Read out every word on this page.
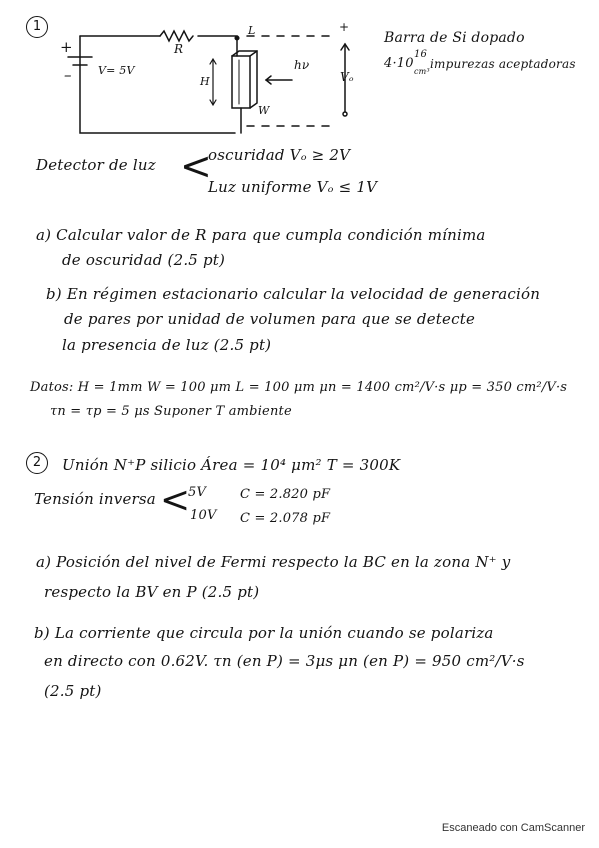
1
+
– V= 5V
R
L
H
W
hν
Vₒ
+
Barra de Si dopado
4·10
16
cm³
impurezas aceptadoras
Detector de luz <
oscuridad Vₒ ≥ 2V
Luz uniforme Vₒ ≤ 1V
a) Calcular valor de R para que cumpla condición mínima
de oscuridad (2.5 pt)
b) En régimen estacionario calcular la velocidad de generación
de pares por unidad de volumen para que se detecte
la presencia de luz (2.5 pt)
Datos: H = 1mm W = 100 μm L = 100 μm μn = 1400 cm²/V·s μp = 350 cm²/V·s
τn = τp = 5 μs Suponer T ambiente
2	Unión N⁺P silicio Área = 10⁴ μm² T = 300K
Tensión inversa <
5V	C = 2.820 pF
10V C = 2.078 pF
a) Posición del nivel de Fermi respecto la BC en la zona N⁺ y
respecto la BV en P (2.5 pt)
b) La corriente que circula por la unión cuando se polariza
en directo con 0.62V. τn (en P) = 3μs μn (en P) = 950 cm²/V·s
(2.5 pt)
Escaneado con CamScanner
